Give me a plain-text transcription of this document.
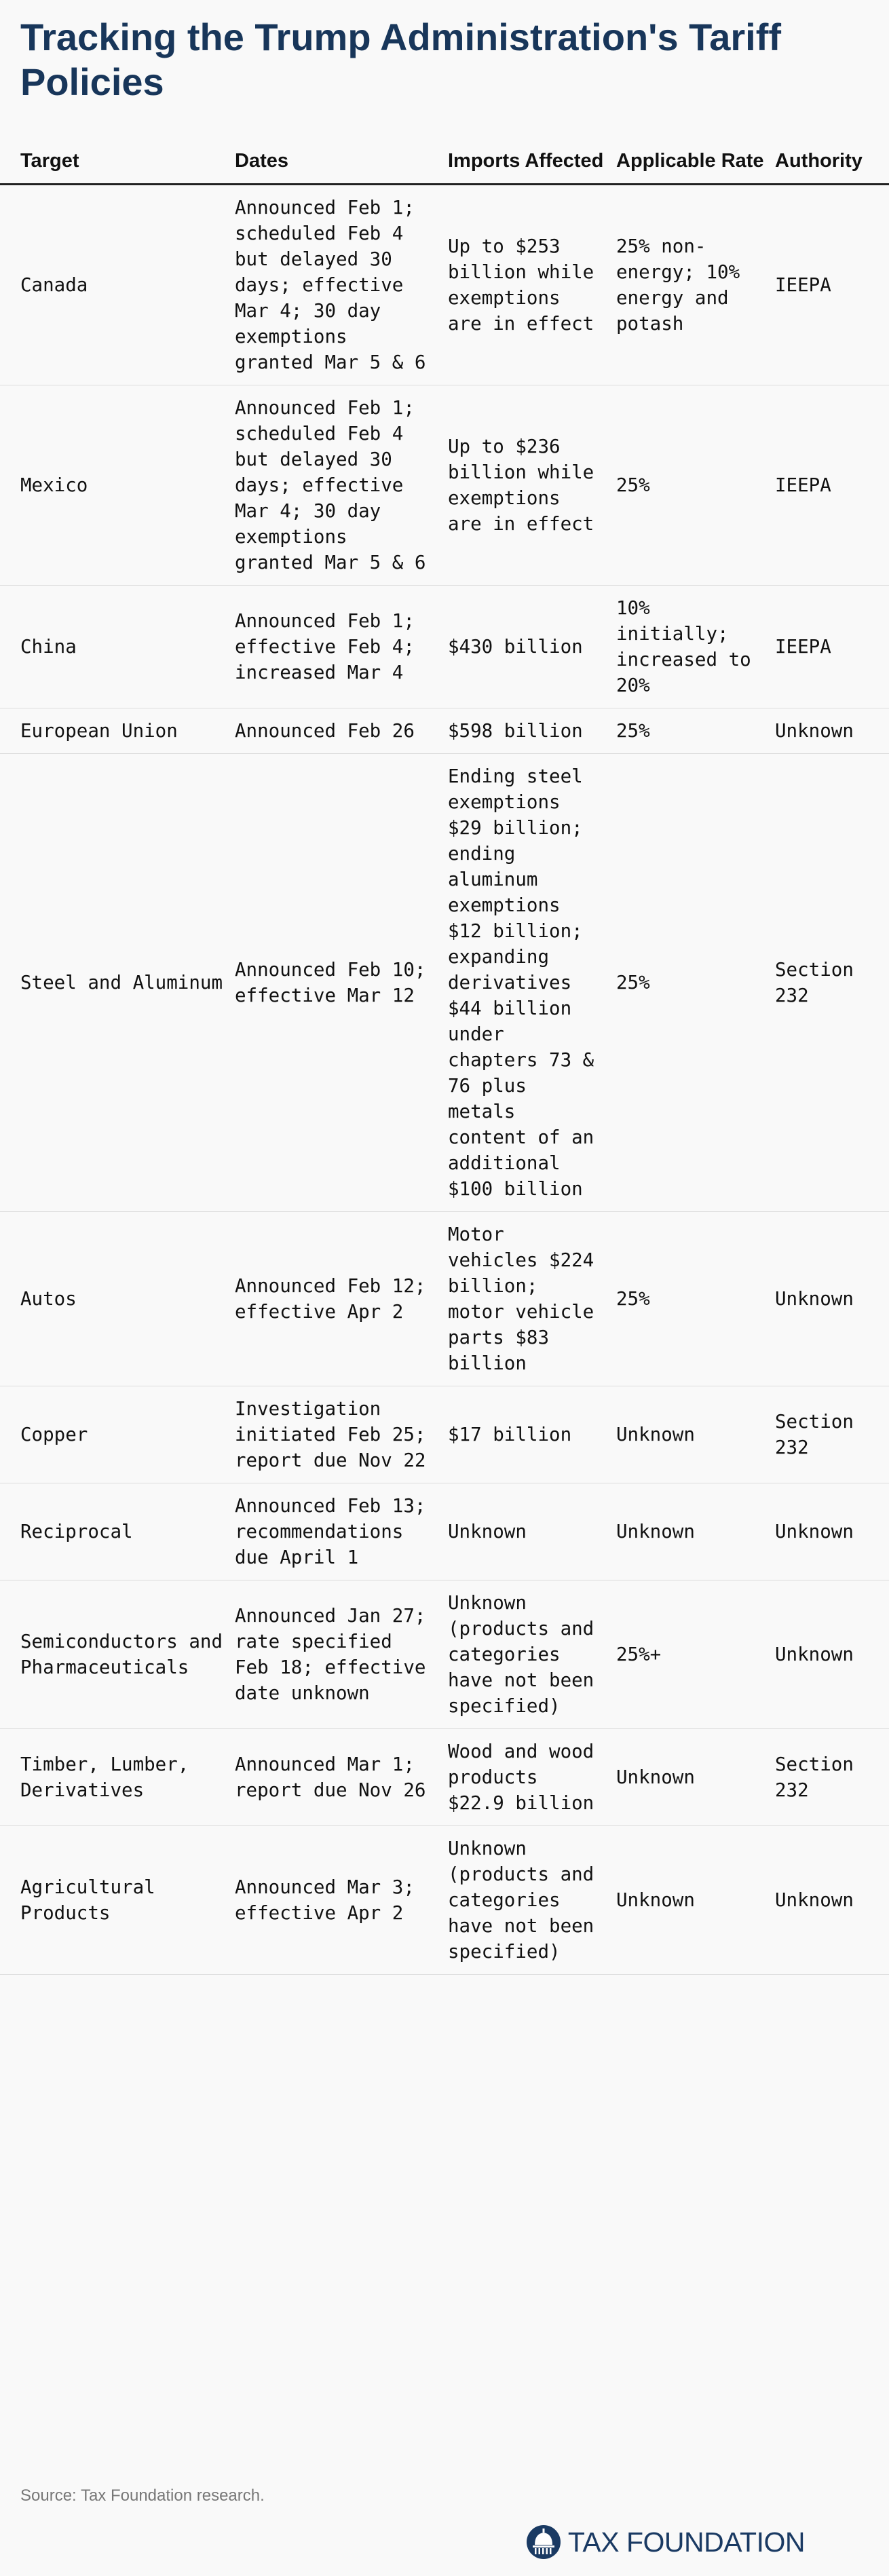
Tracking the Trump Administration's Tariff Policies
Target	Dates	Imports Affected	Applicable Rate	Authority
Canada	Announced Feb 1; scheduled Feb 4 but delayed 30 days; effective Mar 4; 30 day exemptions granted Mar 5 & 6	Up to $253 billion while exemptions are in effect	25% non-energy; 10% energy and potash	IEEPA
Mexico	Announced Feb 1; scheduled Feb 4 but delayed 30 days; effective Mar 4; 30 day exemptions granted Mar 5 & 6	Up to $236 billion while exemptions are in effect	25%	IEEPA
China	Announced Feb 1; effective Feb 4; increased Mar 4	$430 billion	10% initially; increased to 20%	IEEPA
European Union	Announced Feb 26	$598 billion	25%	Unknown
Steel and Aluminum	Announced Feb 10; effective Mar 12	Ending steel exemptions $29 billion; ending aluminum exemptions $12 billion; expanding derivatives $44 billion under chapters 73 & 76 plus metals content of an additional $100 billion	25%	Section 232
Autos	Announced Feb 12; effective Apr 2	Motor vehicles $224 billion; motor vehicle parts $83 billion	25%	Unknown
Copper	Investigation initiated Feb 25; report due Nov 22	$17 billion	Unknown	Section 232
Reciprocal	Announced Feb 13; recommendations due April 1	Unknown	Unknown	Unknown
Semiconductors and Pharmaceuticals	Announced Jan 27; rate specified Feb 18; effective date unknown	Unknown (products and categories have not been specified)	25%+	Unknown
Timber, Lumber, Derivatives	Announced Mar 1; report due Nov 26	Wood and wood products $22.9 billion	Unknown	Section 232
Agricultural Products	Announced Mar 3; effective Apr 2	Unknown (products and categories have not been specified)	Unknown	Unknown
Source: Tax Foundation research.
TAX FOUNDATION
